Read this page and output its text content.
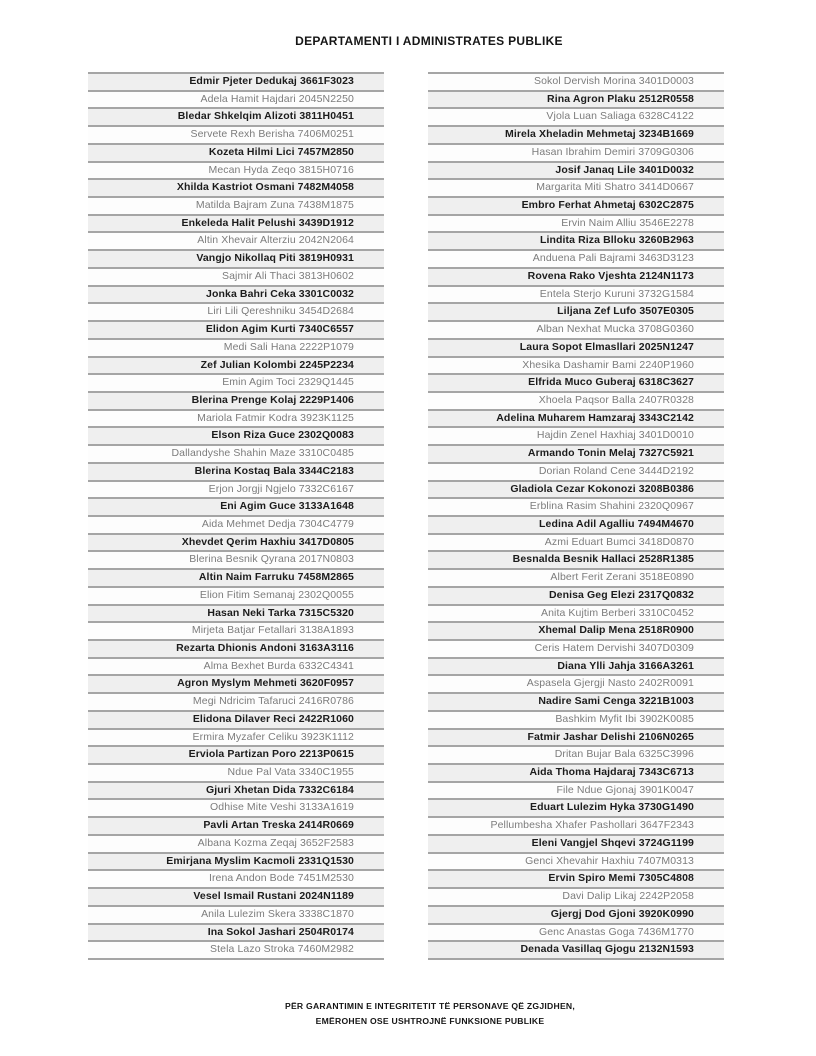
DEPARTAMENTI I ADMINISTRATES PUBLIKE
Edmir Pjeter Dedukaj 3661F3023
Adela Hamit Hajdari 2045N2250
Bledar Shkelqim Alizoti 3811H0451
Servete Rexh Berisha 7406M0251
Kozeta Hilmi Lici 7457M2850
Mecan Hyda Zeqo 3815H0716
Xhilda Kastriot Osmani 7482M4058
Matilda Bajram Zuna 7438M1875
Enkeleda Halit Pelushi 3439D1912
Altin Xhevair Alterziu 2042N2064
Vangjo Nikollaq Piti 3819H0931
Sajmir Ali Thaci 3813H0602
Jonka Bahri Ceka 3301C0032
Liri Lili Qereshniku 3454D2684
Elidon Agim Kurti 7340C6557
Medi Sali Hana 2222P1079
Zef Julian Kolombi 2245P2234
Emin Agim Toci 2329Q1445
Blerina Prenge Kolaj 2229P1406
Mariola Fatmir Kodra 3923K1125
Elson Riza Guce 2302Q0083
Dallandyshe Shahin Maze 3310C0485
Blerina Kostaq Bala 3344C2183
Erjon Jorgji Ngjelo 7332C6167
Eni Agim Guce 3133A1648
Aida Mehmet Dedja 7304C4779
Xhevdet Qerim Haxhiu 3417D0805
Blerina Besnik Qyrana 2017N0803
Altin Naim Farruku 7458M2865
Elion Fitim Semanaj 2302Q0055
Hasan Neki Tarka 7315C5320
Mirjeta Batjar Fetallari 3138A1893
Rezarta Dhionis Andoni 3163A3116
Alma Bexhet Burda 6332C4341
Agron Myslym Mehmeti 3620F0957
Megi Ndricim Tafaruci 2416R0786
Elidona Dilaver Reci 2422R1060
Ermira Myzafer Celiku 3923K1112
Erviola Partizan Poro 2213P0615
Ndue Pal Vata 3340C1955
Gjuri Xhetan Dida 7332C6184
Odhise Mite Veshi 3133A1619
Pavli Artan Treska 2414R0669
Albana Kozma Zeqaj 3652F2583
Emirjana Myslim Kacmoli 2331Q1530
Irena Andon Bode 7451M2530
Vesel Ismail Rustani 2024N1189
Anila Lulezim Skera 3338C1870
Ina Sokol Jashari 2504R0174
Stela Lazo Stroka 7460M2982
Sokol Dervish Morina 3401D0003
Rina Agron Plaku 2512R0558
Vjola Luan Saliaga 6328C4122
Mirela Xheladin Mehmetaj 3234B1669
Hasan Ibrahim Demiri 3709G0306
Josif Janaq Lile 3401D0032
Margarita Miti Shatro 3414D0667
Embro Ferhat Ahmetaj 6302C2875
Ervin Naim Alliu 3546E2278
Lindita Riza Blloku 3260B2963
Anduena Pali Bajrami 3463D3123
Rovena Rako Vjeshta 2124N1173
Entela Sterjo Kuruni 3732G1584
Liljana Zef Lufo 3507E0305
Alban Nexhat Mucka 3708G0360
Laura Sopot Elmasllari 2025N1247
Xhesika Dashamir Bami 2240P1960
Elfrida Muco Guberaj 6318C3627
Xhoela Paqsor Balla 2407R0328
Adelina Muharem Hamzaraj 3343C2142
Hajdin Zenel Haxhiaj 3401D0010
Armando Tonin Melaj 7327C5921
Dorian Roland Cene 3444D2192
Gladiola Cezar Kokonozi 3208B0386
Erblina Rasim Shahini 2320Q0967
Ledina Adil Agalliu 7494M4670
Azmi Eduart Bumci 3418D0870
Besnalda Besnik Hallaci 2528R1385
Albert Ferit Zerani 3518E0890
Denisa Geg Elezi 2317Q0832
Anita Kujtim Berberi 3310C0452
Xhemal Dalip Mena 2518R0900
Ceris Hatem Dervishi 3407D0309
Diana Ylli Jahja 3166A3261
Aspasela Gjergji Nasto 2402R0091
Nadire Sami Cenga 3221B1003
Bashkim Myfit Ibi 3902K0085
Fatmir Jashar Delishi 2106N0265
Dritan Bujar Bala 6325C3996
Aida Thoma Hajdaraj 7343C6713
File Ndue Gjonaj 3901K0047
Eduart Lulezim Hyka 3730G1490
Pellumbesha Xhafer Pashollari 3647F2343
Eleni Vangjel Shqevi 3724G1199
Genci Xhevahir Haxhiu 7407M0313
Ervin Spiro Memi 7305C4808
Davi Dalip Likaj 2242P2058
Gjergj Dod Gjoni 3920K0990
Genc Anastas Goga 7436M1770
Denada Vasillaq Gjogu 2132N1593
PËR GARANTIMIN E INTEGRITETIT TË PERSONAVE QË ZGJIDHEN,
EMËROHEN OSE USHTROJNË FUNKSIONE PUBLIKE
